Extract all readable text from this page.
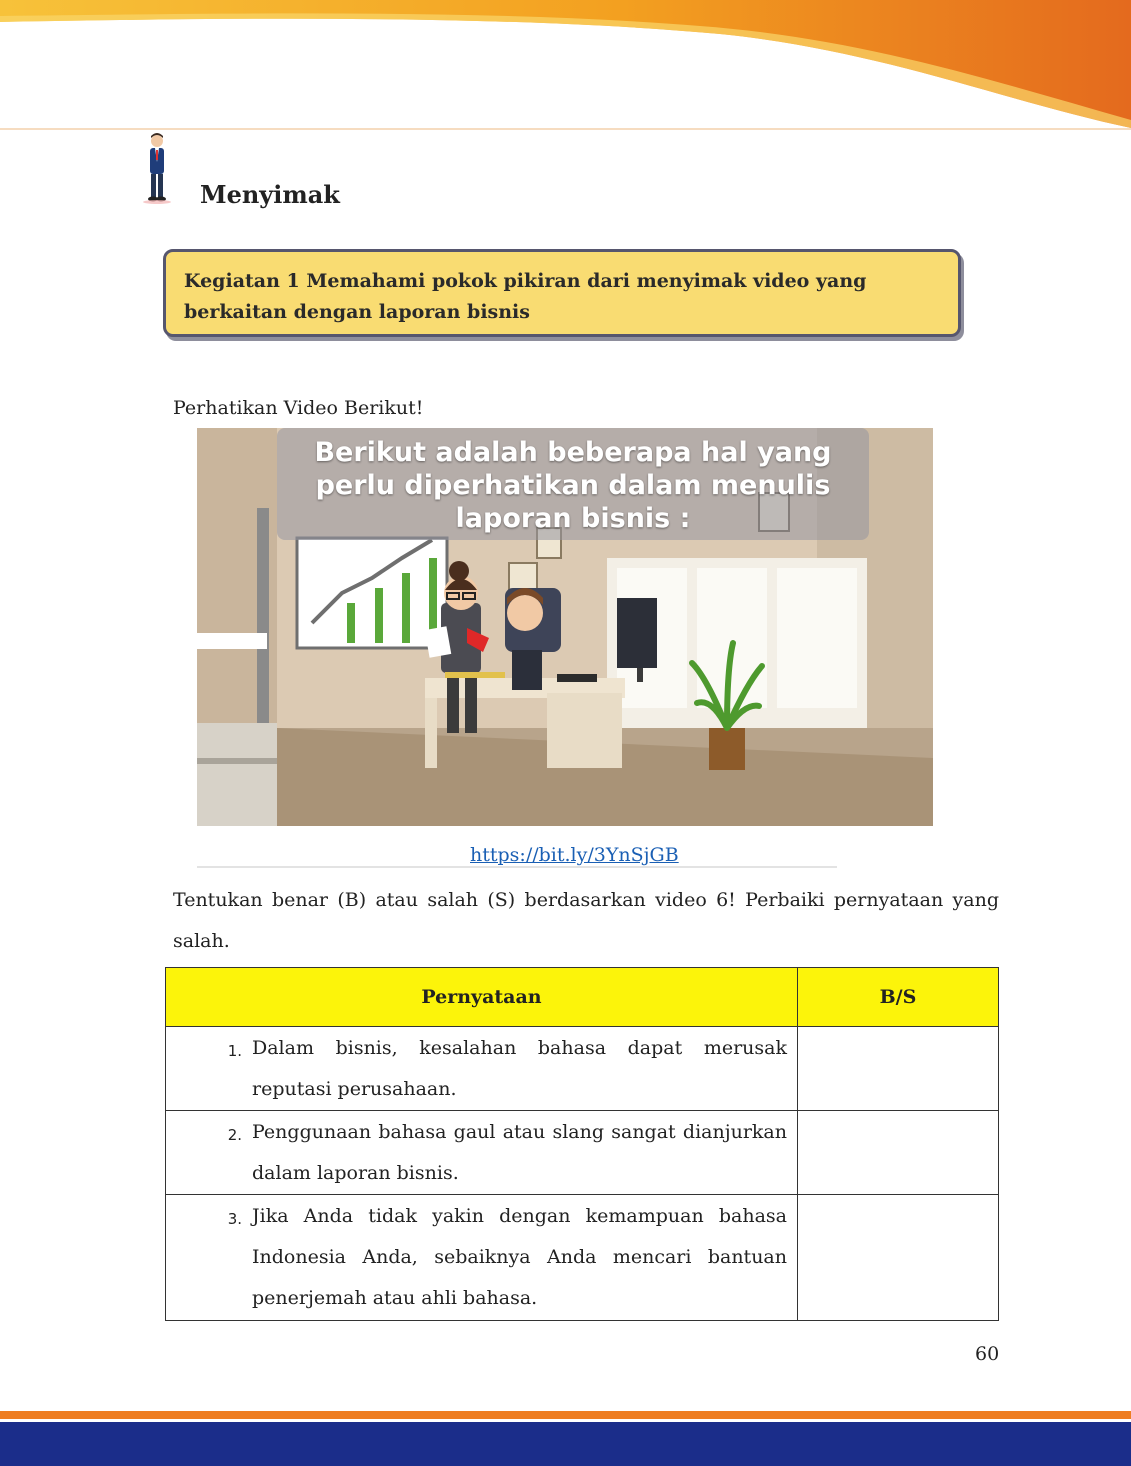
Menyimak
Kegiatan 1 Memahami pokok pikiran dari menyimak video yang berkaitan dengan laporan bisnis
Perhatikan Video Berikut!
Berikut adalah beberapa hal yang perlu diperhatikan dalam menulis laporan bisnis :
https://bit.ly/3YnSjGB
Tentukan benar (B) atau salah (S) berdasarkan video 6! Perbaiki pernyataan yang salah.
Pernyataan		B/S
1.	Dalam bisnis, kesalahan bahasa dapat merusak reputasi perusahaan.	
2.	Penggunaan bahasa gaul atau slang sangat dianjurkan dalam laporan bisnis.	
3.	Jika Anda tidak yakin dengan kemampuan bahasa Indonesia Anda, sebaiknya Anda mencari bantuan penerjemah atau ahli bahasa.	
60
